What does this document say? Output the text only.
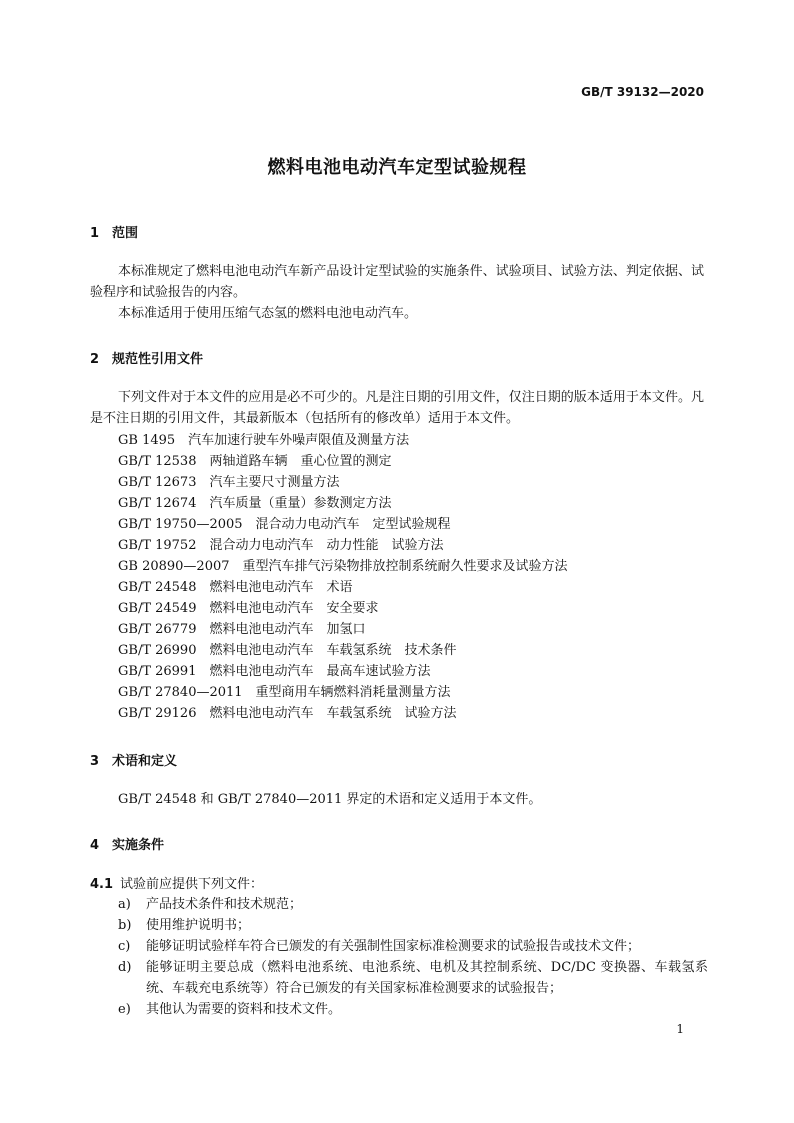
GB/T 39132—2020
燃料电池电动汽车定型试验规程
1 范围
本标准规定了燃料电池电动汽车新产品设计定型试验的实施条件、试验项目、试验方法、判定依据、试验程序和试验报告的内容。
本标准适用于使用压缩气态氢的燃料电池电动汽车。
2 规范性引用文件
下列文件对于本文件的应用是必不可少的。凡是注日期的引用文件，仅注日期的版本适用于本文件。凡是不注日期的引用文件，其最新版本（包括所有的修改单）适用于本文件。
GB 1495　汽车加速行驶车外噪声限值及测量方法
GB/T 12538　两轴道路车辆　重心位置的测定
GB/T 12673　汽车主要尺寸测量方法
GB/T 12674　汽车质量（重量）参数测定方法
GB/T 19750—2005　混合动力电动汽车　定型试验规程
GB/T 19752　混合动力电动汽车　动力性能　试验方法
GB 20890—2007　重型汽车排气污染物排放控制系统耐久性要求及试验方法
GB/T 24548　燃料电池电动汽车　术语
GB/T 24549　燃料电池电动汽车　安全要求
GB/T 26779　燃料电池电动汽车　加氢口
GB/T 26990　燃料电池电动汽车　车载氢系统　技术条件
GB/T 26991　燃料电池电动汽车　最高车速试验方法
GB/T 27840—2011　重型商用车辆燃料消耗量测量方法
GB/T 29126　燃料电池电动汽车　车载氢系统　试验方法
3 术语和定义
GB/T 24548 和 GB/T 27840—2011 界定的术语和定义适用于本文件。
4 实施条件
4.1 试验前应提供下列文件：
a)	产品技术条件和技术规范；
b)	使用维护说明书；
c)	能够证明试验样车符合已颁发的有关强制性国家标准检测要求的试验报告或技术文件；
d)	能够证明主要总成（燃料电池系统、电池系统、电机及其控制系统、DC/DC 变换器、车载氢系统、车载充电系统等）符合已颁发的有关国家标准检测要求的试验报告；
e)	其他认为需要的资料和技术文件。
1
